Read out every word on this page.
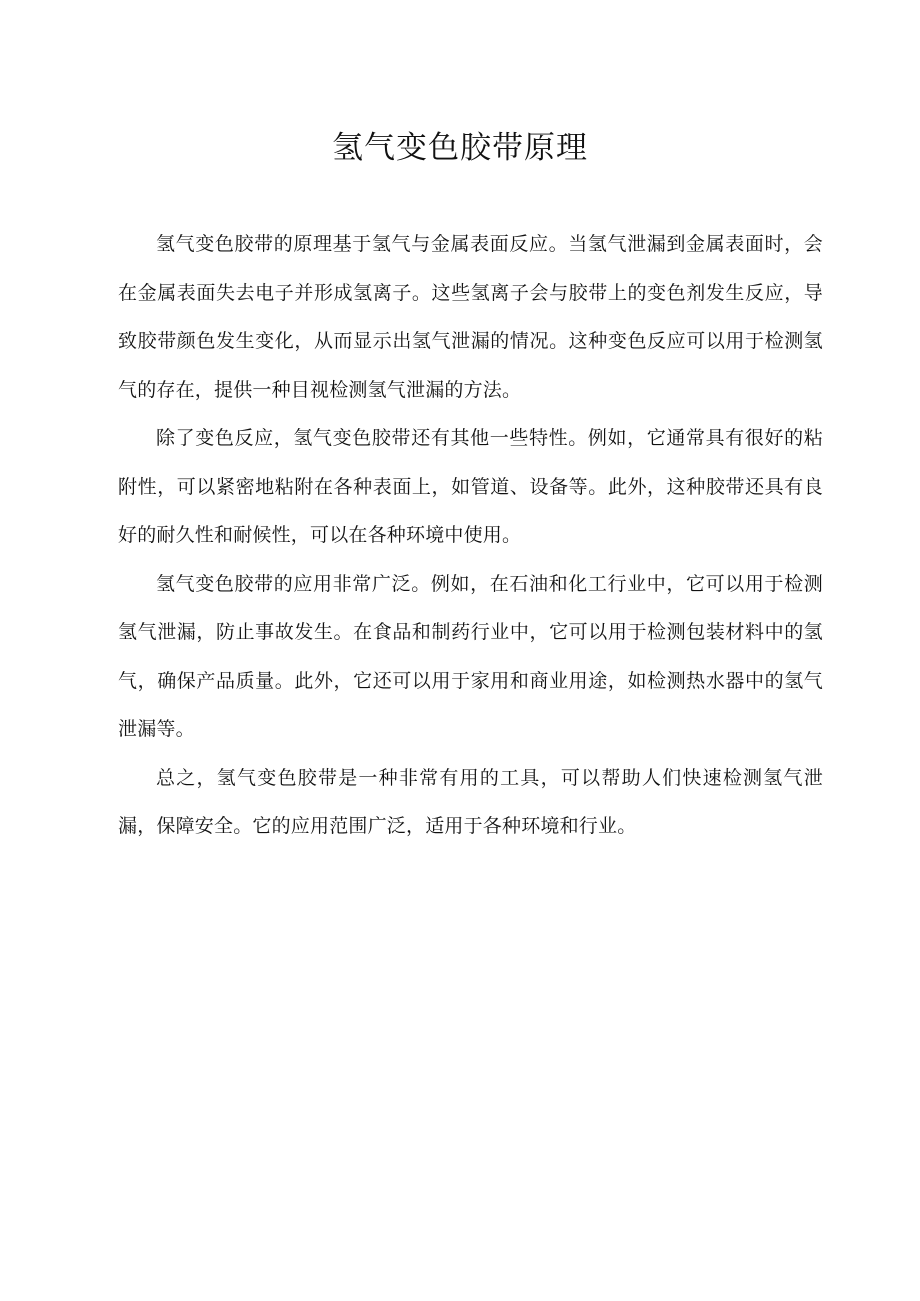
氢气变色胶带原理

氢气变色胶带的原理基于氢气与金属表面反应。当氢气泄漏到金属表面时，会在金属表面失去电子并形成氢离子。这些氢离子会与胶带上的变色剂发生反应，导致胶带颜色发生变化，从而显示出氢气泄漏的情况。这种变色反应可以用于检测氢气的存在，提供一种目视检测氢气泄漏的方法。

除了变色反应，氢气变色胶带还有其他一些特性。例如，它通常具有很好的粘附性，可以紧密地粘附在各种表面上，如管道、设备等。此外，这种胶带还具有良好的耐久性和耐候性，可以在各种环境中使用。

氢气变色胶带的应用非常广泛。例如，在石油和化工行业中，它可以用于检测氢气泄漏，防止事故发生。在食品和制药行业中，它可以用于检测包装材料中的氢气，确保产品质量。此外，它还可以用于家用和商业用途，如检测热水器中的氢气泄漏等。

总之，氢气变色胶带是一种非常有用的工具，可以帮助人们快速检测氢气泄漏，保障安全。它的应用范围广泛，适用于各种环境和行业。
